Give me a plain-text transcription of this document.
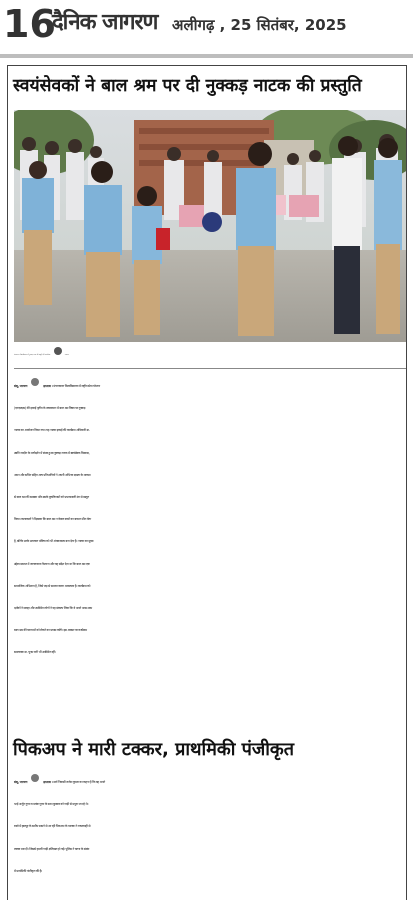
16
दैनिक जागरण अलीगढ़ , 25 सितंबर, 2025
स्वयंसेवकों ने बाल श्रम पर दी नुक्कड़ नाटक की प्रस्तुति
मंगलायतन विश्वविद्यालय में नुक्कड़ नाटक की प्रस्तुति देते स्वयंसेवक	जागरण
संसू, जागरण	इगलास : मंगलायतन विश्वविद्यालय में राष्ट्रीय सेवा योजना
(एनएसएस) की इकाई तृतीय के तत्वावधान में बाल श्रम विषय पर नुक्कड़
नाटक का आयोजन किया गया। यह नाटक इकाई की कार्यक्रम अधिकारी डा.
उन्नति जादौन के मार्गदर्शन में संपन्न हुआ।नुक्कड़ नाटक में स्वयंसेवक विश्वास,
अमन और सचिन सहित अन्य प्रतिभागियों ने अपनी अभिनय क्षमता के माध्यम
से बाल श्रम की समस्या और उसके दुष्परिणामों को प्रभावशाली ढंग से प्रस्तुत
किया। कलाकारों ने दिखाया कि बाल श्रम न केवल बच्चों का बचपन छीन लेता
है, बल्कि उनके उज्ज्वल भविष्य को भी अंधकारमय बना देता है। नाटक का मुख्य
उद्देश्य समाज में जागरूकता फैलाना और यह संदेश देना था कि बाल श्रम एक
सामाजिक अभिशाप है, जिसे जड़ से समाप्त करना आवश्यक है। कार्यक्रम को
दर्शकों ने सराहा और उपस्थित लोगों ने यह संकल्प लिया कि वे अपने आस-पास
बाल श्रम की घटनाओं को रोकने का प्रयास करेंगे। इस अवसर पर कार्यक्रम
समन्वयक डा. पूनम रानी भी उपस्थित रहीं।
पिकअप ने मारी टक्कर, प्राथमिकी पंजीकृत
संसू, जागरण	इगलास : छर्रा निवासी राजेश कुमार का कहना है कि वह अपने
भाई अर्जुन गुप्ता व मयंक गुप्ता के साथ बुधवार को गाड़ी से मथुरा जा रहे थे।
रास्ते में हस्तपुर के समीप सामने से आ रही पिकअप के चालक ने लापरवाही से
टक्कर मार दी। जिससे हमारी गाड़ी क्षतिग्रस्त हो गई। पुलिस ने घटना के संबंध
में प्राथमिकी पंजीकृत की है।
